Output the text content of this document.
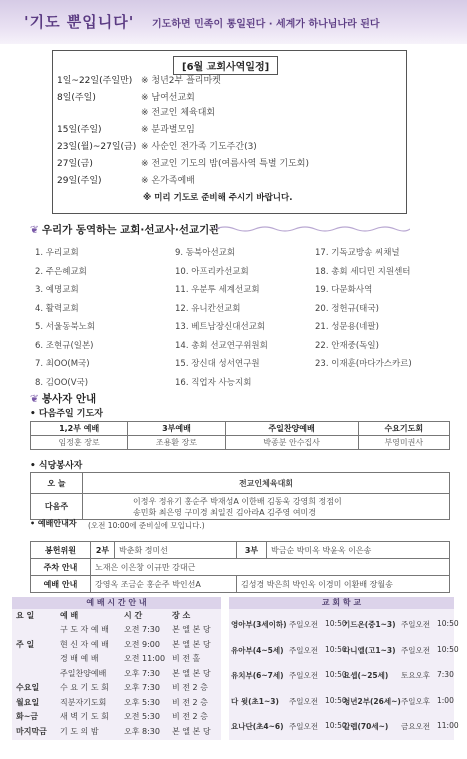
'기도 뿐입니다' 기도하면 민족이 통일된다 · 세계가 하나님나라 된다
[6월 교회사역일정]
1일~22일(주일만) ※ 청년2부 플리마켓
8일(주일)	※ 남여선교회
※ 전교인 체육대회
15일(주일)	※ 분과별모임
23일(월)~27일(금) ※ 사순인 전가족 기도주간(3)
27일(금)	※ 전교인 기도의 밤(여름사역 특별 기도회)
29일(주일)	※ 온가족예배
※ 미리 기도로 준비해 주시기 바랍니다.
❦ 우리가 동역하는 교회·선교사·선교기관
1. 우리교회
2. 주은혜교회
3. 예명교회
4. 활력교회
5. 서울동북노회
6. 조현규(일본)
7. 최OO(M국)
8. 김OO(V국)
9. 동북아선교회
10. 아프리카선교회
11. 우분투 세계선교회
12. 유니칸선교회
13. 베트남장신대선교회
14. 총회 선교연구위원회
15. 장신대 성서연구원
16. 직업자 사능지회
17. 기독교방송 씨채널
18. 총회 세디민 지원센터
19. 다문화사역
20. 정헌규(태국)
21. 성문용(네팔)
22. 안재중(독일)
23. 이재훈(마다가스카르)
❦ 봉사자 안내
• 다음주일 기도자
1,2부 예배	3부예배	주일찬양예배	수요기도회
임정훈 장로	조용환 장로	박종분 안수집사	부영미권사
• 식당봉사자
오 늘	전교인체육대회
다음주	이정우 정유기 홍순주 박재성A 이한배 김동욱 강영희 정점이
송민화 최은영 구미경 최일진 김아라A 김주영 여미경
• 예배안내자 (오전 10:00에 준비실에 모입니다.)
봉헌위원	2부	박춘화 정미선	3부	박금순 박미옥 박윤옥 이은송
주차 안내	노재은 이은창 이규만 강대근			
예배 안내	강영옥 조금순 홍순주 박인선A		김성경 박은희 박인옥 이경미 이환배 장월송	
예 배 시 간 안 내
요 일	예 배	시 간	장 소
구 도 자 예 배 오전 7:30 본 엘 본 당
주 일	현 신 자 예 배 오전 9:00 본 엘 본 당
경 배 예 배	오전 11:00 비 전 홀
주일찬양예배 오후 7:30 본 엘 본 당
수요일	수 요 기 도 회 오후 7:30 비 전 2 층
월요일	직분자기도회 오후 5:30 비 전 2 층
화~금	새 벽 기 도 회 오전 5:30 비 전 2 층
마지막금 기 도 의 밤	오후 8:30 본 엘 본 당
교 회 학 교
영아부(3세이하) 주일오전 10:50
유아부(4~5세) 주일오전 10:50
유치부(6~7세) 주일오전 10:50
다 윗(초1~3) 주일오전 10:50
요나단(초4~6) 주일오전 10:50
기드온(중1~3) 주일오전 10:50
다니엘(고1~3) 주일오전 10:50
요셉(~25세) 토요오후 7:30
청년2부(26세~) 주일오후 1:00
갈렙(70세~) 금요오전 11:00
